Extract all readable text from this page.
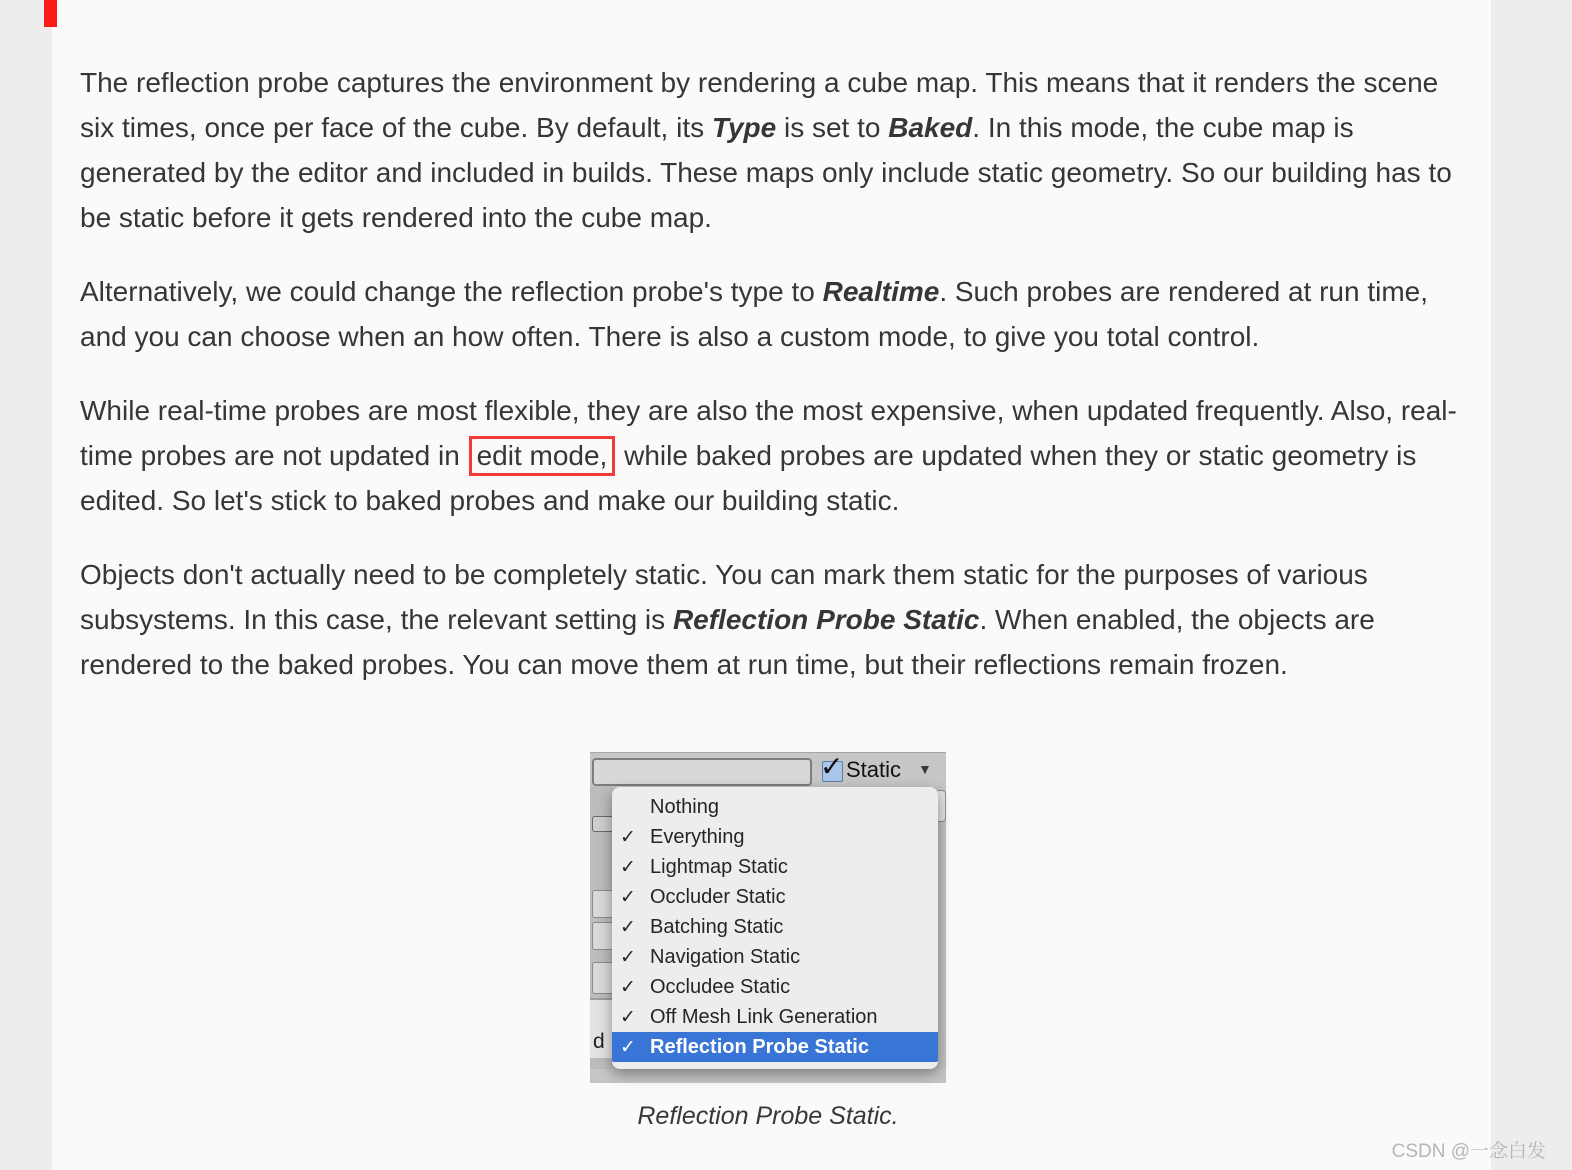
The reflection probe captures the environment by rendering a cube map. This means that it renders the scene six times, once per face of the cube. By default, its Type is set to Baked. In this mode, the cube map is generated by the editor and included in builds. These maps only include static geometry. So our building has to be static before it gets rendered into the cube map.

Alternatively, we could change the reflection probe's type to Realtime. Such probes are rendered at run time, and you can choose when an how often. There is also a custom mode, to give you total control.

While real-time probes are most flexible, they are also the most expensive, when updated frequently. Also, real-time probes are not updated in edit mode, while baked probes are updated when they or static geometry is edited. So let's stick to baked probes and make our building static.

Objects don't actually need to be completely static. You can mark them static for the purposes of various subsystems. In this case, the relevant setting is Reflection Probe Static. When enabled, the objects are rendered to the baked probes. You can move them at run time, but their reflections remain frozen.

✓ Static ▼
d
Nothing
✓ Everything
✓ Lightmap Static
✓ Occluder Static
✓ Batching Static
✓ Navigation Static
✓ Occludee Static
✓ Off Mesh Link Generation
✓ Reflection Probe Static
Reflection Probe Static.
CSDN @一念白发
